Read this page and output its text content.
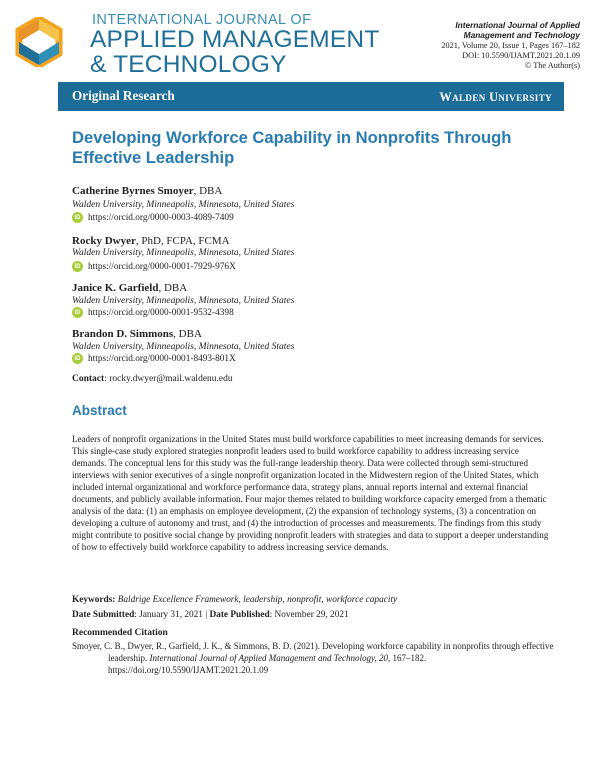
INTERNATIONAL JOURNAL OF
APPLIED MANAGEMENT
& TECHNOLOGY
International Journal of Applied
Management and Technology
2021, Volume 20, Issue 1, Pages 167–182
DOI: 10.5590/IJAMT.2021.20.1.09
© The Author(s)
Original Research	Walden University
Developing Workforce Capability in Nonprofits Through Effective Leadership
Catherine Byrnes Smoyer, DBA
Walden University, Minneapolis, Minnesota, United States
iD https://orcid.org/0000-0003-4089-7409
Rocky Dwyer, PhD, FCPA, FCMA
Walden University, Minneapolis, Minnesota, United States
iD https://orcid.org/0000-0001-7929-976X
Janice K. Garfield, DBA
Walden University, Minneapolis, Minnesota, United States
iD https://orcid.org/0000-0001-9532-4398
Brandon D. Simmons, DBA
Walden University, Minneapolis, Minnesota, United States
iD https://orcid.org/0000-0001-8493-801X
Contact: rocky.dwyer@mail.waldenu.edu
Abstract
Leaders of nonprofit organizations in the United States must build workforce capabilities to meet increasing demands for services. This single-case study explored strategies nonprofit leaders used to build workforce capability to address increasing service demands. The conceptual lens for this study was the full-range leadership theory. Data were collected through semi-structured interviews with senior executives of a single nonprofit organization located in the Midwestern region of the United States, which included internal organizational and workforce performance data, strategy plans, annual reports internal and external financial documents, and publicly available information. Four major themes related to building workforce capacity emerged from a thematic analysis of the data: (1) an emphasis on employee development, (2) the expansion of technology systems, (3) a concentration on developing a culture of autonomy and trust, and (4) the introduction of processes and measurements. The findings from this study might contribute to positive social change by providing nonprofit leaders with strategies and data to support a deeper understanding of how to effectively build workforce capability to address increasing service demands.
Keywords: Baldrige Excellence Framework, leadership, nonprofit, workforce capacity
Date Submitted: January 31, 2021 | Date Published: November 29, 2021
Recommended Citation
Smoyer, C. B., Dwyer, R., Garfield, J. K., & Simmons, B. D. (2021). Developing workforce capability in nonprofits through effective leadership. International Journal of Applied Management and Technology, 20, 167–182. https://doi.org/10.5590/IJAMT.2021.20.1.09
